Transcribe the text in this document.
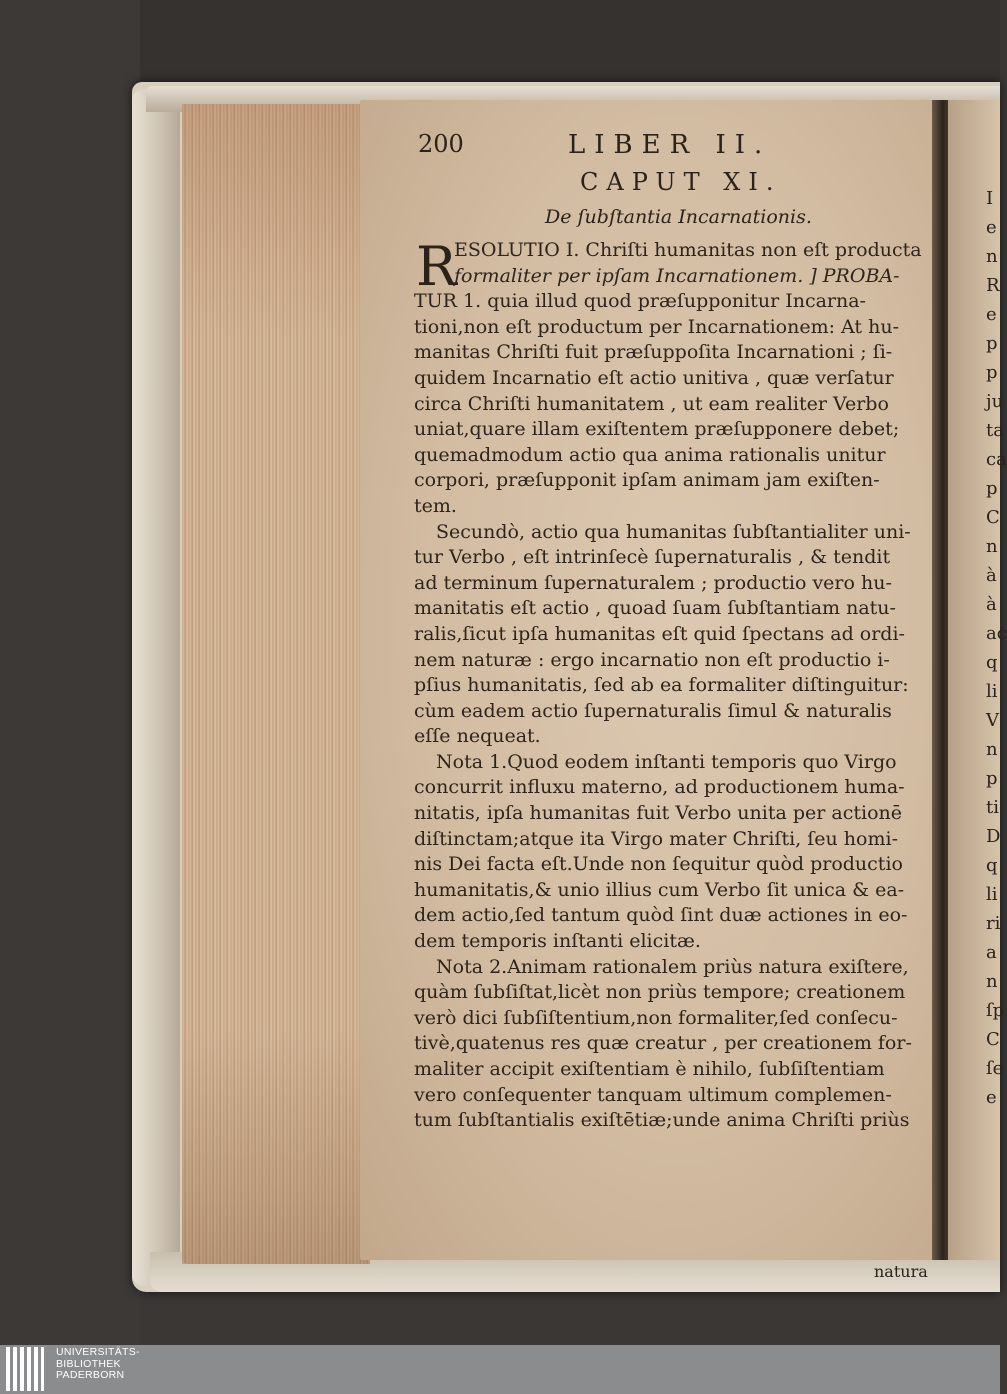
I
e
n
R
e
p
p
ju
ta
ca
p
C
n
à
à
ac
q
li
V
n
p
ti
D
q
li
ri
a
n
ſp
C
ſe
e
200	LIBER II.
CAPUT XI.
De ſubſtantia Incarnationis.
R
ESOLUTIO I. Chriſti humanitas non eſt producta
formaliter per ipſam Incarnationem. ] PROBA-
TUR 1. quia illud quod præſupponitur Incarna-
tioni,non eſt productum per Incarnationem: At hu-
manitas Chriſti fuit præſuppoſita Incarnationi ; ſi-
quidem Incarnatio eſt actio unitiva , quæ verſatur
circa Chriſti humanitatem , ut eam realiter Verbo
uniat,quare illam exiſtentem præſupponere debet;
quemadmodum actio qua anima rationalis unitur
corpori, præſupponit ipſam animam jam exiſten-
tem.
Secundò, actio qua humanitas ſubſtantialiter uni-
tur Verbo , eſt intrinſecè ſupernaturalis , & tendit
ad terminum ſupernaturalem ; productio vero hu-
manitatis eſt actio , quoad ſuam ſubſtantiam natu-
ralis,ſicut ipſa humanitas eſt quid ſpectans ad ordi-
nem naturæ : ergo incarnatio non eſt productio i-
pſius humanitatis, ſed ab ea formaliter diſtinguitur:
cùm eadem actio ſupernaturalis ſimul & naturalis
eſſe nequeat.
Nota 1.Quod eodem inſtanti temporis quo Virgo
concurrit influxu materno, ad productionem huma-
nitatis, ipſa humanitas fuit Verbo unita per actionē
diſtinctam;atque ita Virgo mater Chriſti, ſeu homi-
nis Dei facta eſt.Unde non ſequitur quòd productio
humanitatis,& unio illius cum Verbo ſit unica & ea-
dem actio,ſed tantum quòd ſint duæ actiones in eo-
dem temporis inſtanti elicitæ.
Nota 2.Animam rationalem priùs natura exiſtere,
quàm ſubſiſtat,licèt non priùs tempore; creationem
verò dici ſubſiſtentium,non formaliter,ſed conſecu-
tivè,quatenus res quæ creatur , per creationem for-
maliter accipit exiſtentiam è nihilo, ſubſiſtentiam
vero conſequenter tanquam ultimum complemen-
tum ſubſtantialis exiſtētiæ;unde anima Chriſti priùs
natura
UNIVERSITÄTS-
BIBLIOTHEK
PADERBORN
